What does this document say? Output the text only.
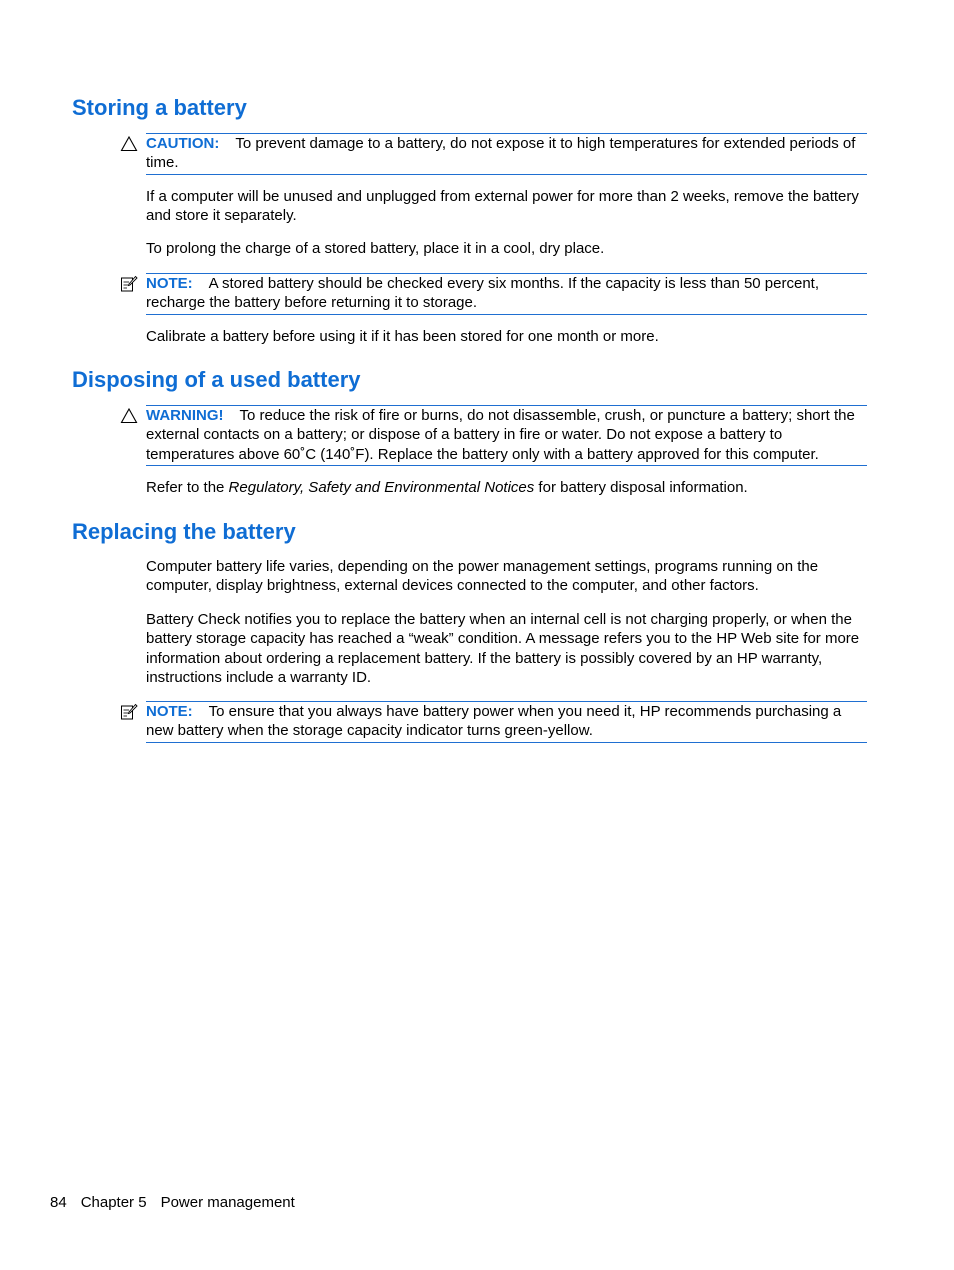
Storing a battery
CAUTION: To prevent damage to a battery, do not expose it to high temperatures for extended periods of time.

If a computer will be unused and unplugged from external power for more than 2 weeks, remove the battery and store it separately.

To prolong the charge of a stored battery, place it in a cool, dry place.

NOTE: A stored battery should be checked every six months. If the capacity is less than 50 percent, recharge the battery before returning it to storage.

Calibrate a battery before using it if it has been stored for one month or more.

Disposing of a used battery
WARNING! To reduce the risk of fire or burns, do not disassemble, crush, or puncture a battery; short the external contacts on a battery; or dispose of a battery in fire or water. Do not expose a battery to temperatures above 60˚C (140˚F). Replace the battery only with a battery approved for this computer.

Refer to the Regulatory, Safety and Environmental Notices for battery disposal information.

Replacing the battery

Computer battery life varies, depending on the power management settings, programs running on the computer, display brightness, external devices connected to the computer, and other factors.

Battery Check notifies you to replace the battery when an internal cell is not charging properly, or when the battery storage capacity has reached a “weak” condition. A message refers you to the HP Web site for more information about ordering a replacement battery. If the battery is possibly covered by an HP warranty, instructions include a warranty ID.

NOTE: To ensure that you always have battery power when you need it, HP recommends purchasing a new battery when the storage capacity indicator turns green-yellow.
84 Chapter 5 Power management
